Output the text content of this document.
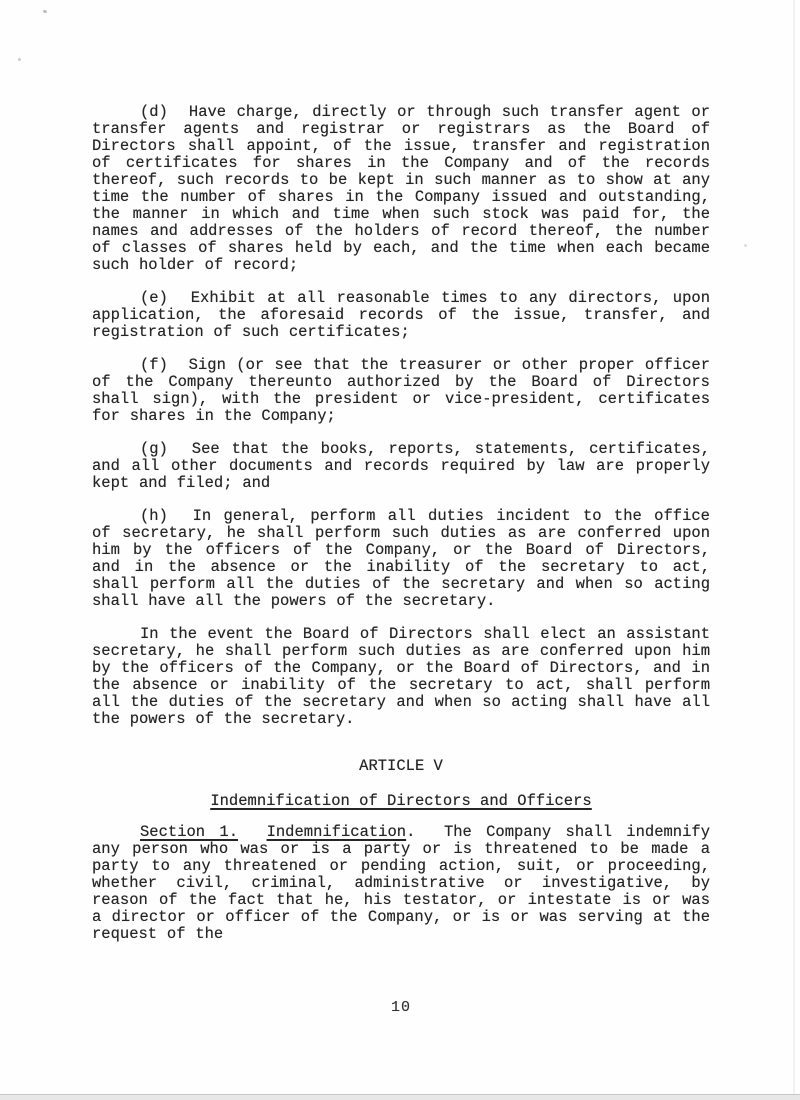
(d)  Have charge, directly or through such transfer agent or transfer agents and registrar or registrars as the Board of Directors shall appoint, of the issue, transfer and registration of certificates for shares in the Company and of the records thereof, such records to be kept in such manner as to show at any time the number of shares in the Company issued and outstanding, the manner in which and time when such stock was paid for, the names and addresses of the holders of record thereof, the number of classes of shares held by each, and the time when each became such holder of record;

(e)  Exhibit at all reasonable times to any directors, upon application, the aforesaid records of the issue, transfer, and registration of such certificates;

(f)  Sign (or see that the treasurer or other proper officer of the Company thereunto authorized by the Board of Directors shall sign), with the president or vice-president, certificates for shares in the Company;

(g)  See that the books, reports, statements, certificates, and all other documents and records required by law are properly kept and filed; and

(h)  In general, perform all duties incident to the office of secretary, he shall perform such duties as are conferred upon him by the officers of the Company, or the Board of Directors, and in the absence or the inability of the secretary to act, shall perform all the duties of the secretary and when so acting shall have all the powers of the secretary.

In the event the Board of Directors shall elect an assistant secretary, he shall perform such duties as are conferred upon him by the officers of the Company, or the Board of Directors, and in the absence or inability of the secretary to act, shall perform all the duties of the secretary and when so acting shall have all the powers of the secretary.

ARTICLE V
Indemnification of Directors and Officers

Section 1. Indemnification.  The Company shall indemnify any person who was or is a party or is threatened to be made a party to any threatened or pending action, suit, or proceeding, whether civil, criminal, administrative or investigative, by reason of the fact that he, his testator, or intestate is or was a director or officer of the Company, or is or was serving at the request of the

10
